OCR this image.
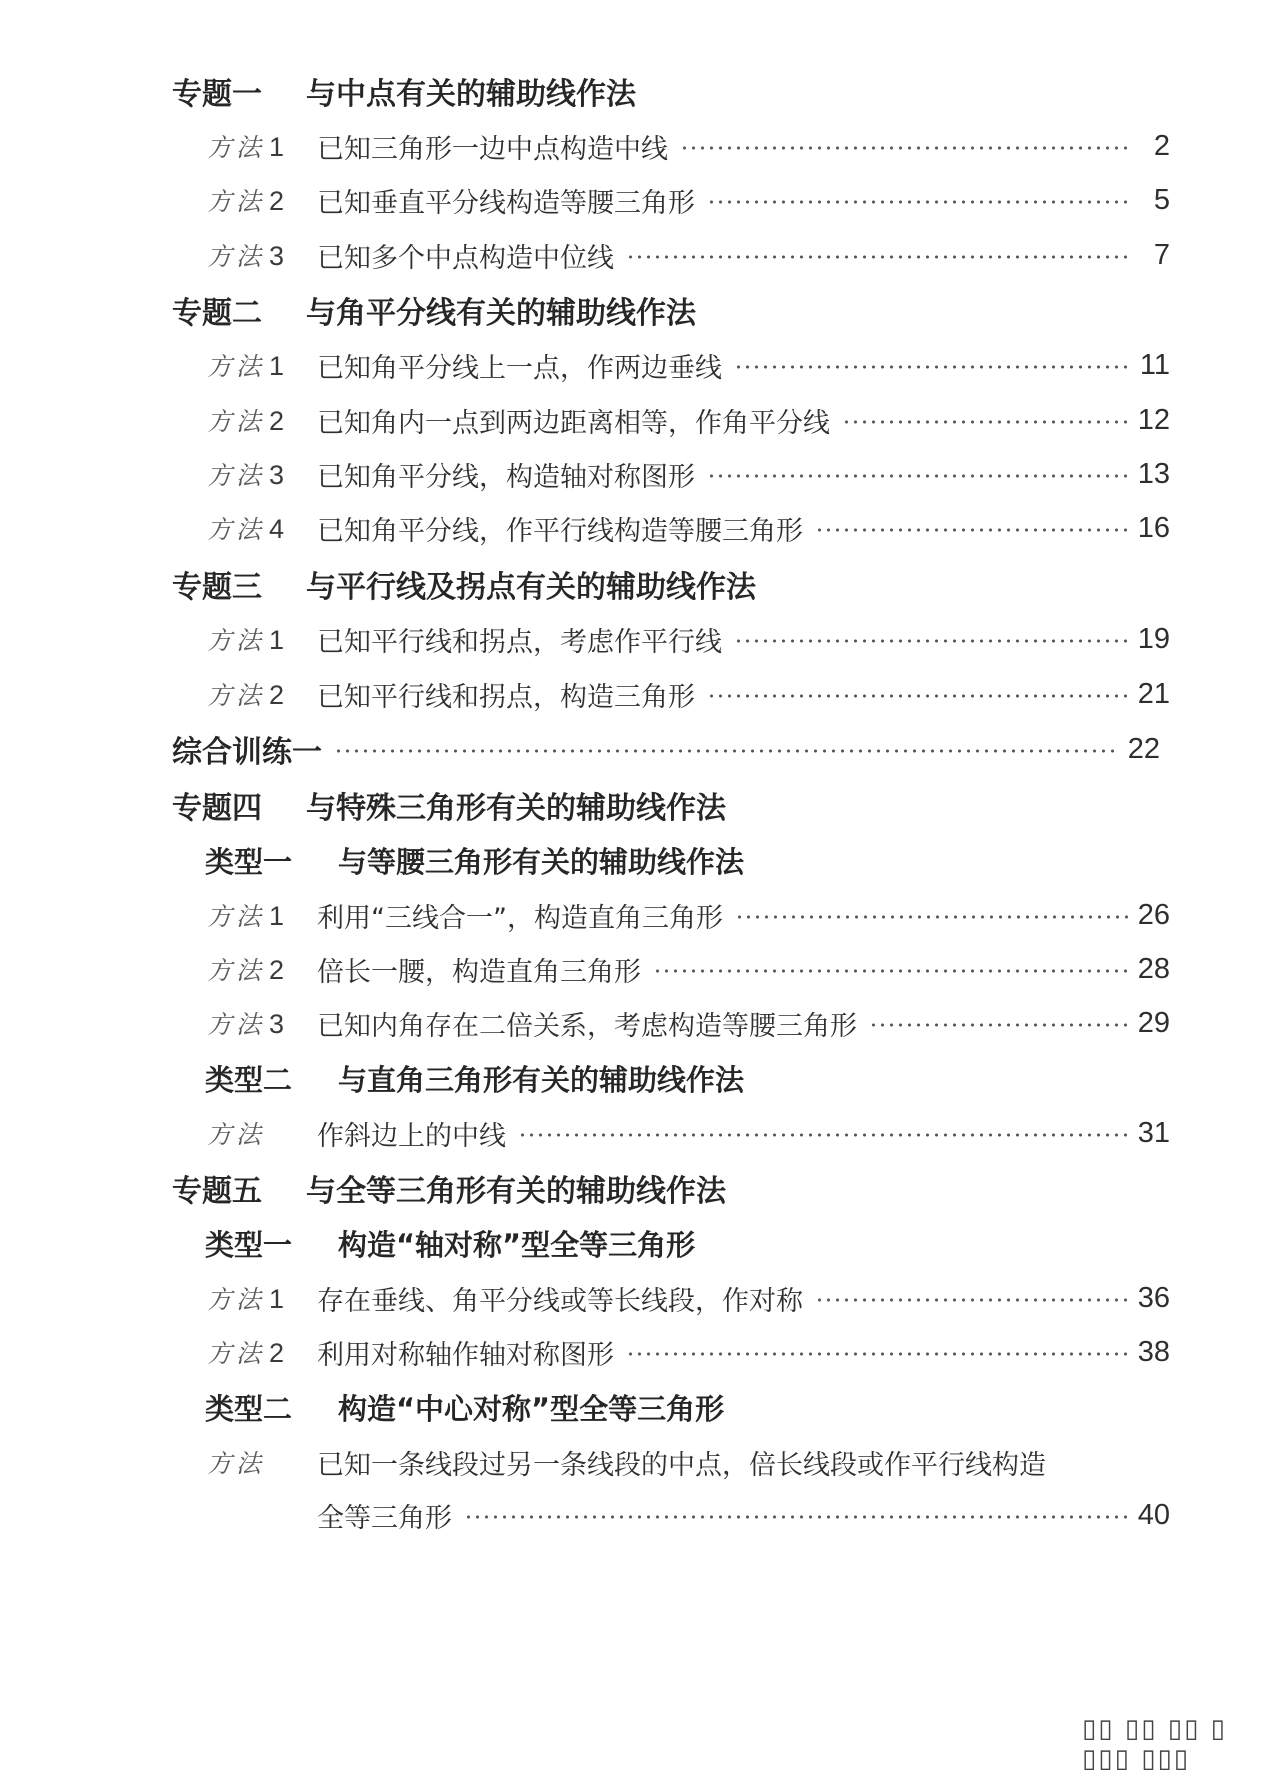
专题一	与中点有关的辅助线作法
方法 1	已知三角形一边中点构造中线	2
方法 2	已知垂直平分线构造等腰三角形	5
方法 3	已知多个中点构造中位线	7
专题二	与角平分线有关的辅助线作法
方法 1	已知角平分线上一点，作两边垂线	11
方法 2	已知角内一点到两边距离相等，作角平分线	12
方法 3	已知角平分线，构造轴对称图形	13
方法 4	已知角平分线，作平行线构造等腰三角形	16
专题三	与平行线及拐点有关的辅助线作法
方法 1	已知平行线和拐点，考虑作平行线	19
方法 2	已知平行线和拐点，构造三角形	21
综合训练一	22
专题四	与特殊三角形有关的辅助线作法
类型一	与等腰三角形有关的辅助线作法
方法 1	利用“三线合一”，构造直角三角形	26
方法 2	倍长一腰，构造直角三角形	28
方法 3	已知内角存在二倍关系，考虑构造等腰三角形	29
类型二	与直角三角形有关的辅助线作法
方法	作斜边上的中线	31
专题五	与全等三角形有关的辅助线作法
类型一	构造“轴对称”型全等三角形
方法 1	存在垂线、角平分线或等长线段，作对称	36
方法 2	利用对称轴作轴对称图形	38
类型二	构造“中心对称”型全等三角形
方法	已知一条线段过另一条线段的中点，倍长线段或作平行线构造
全等三角形	40
▯▯ ▯▯ ▯▯ ▯ ▯▯▯ ▯▯▯
